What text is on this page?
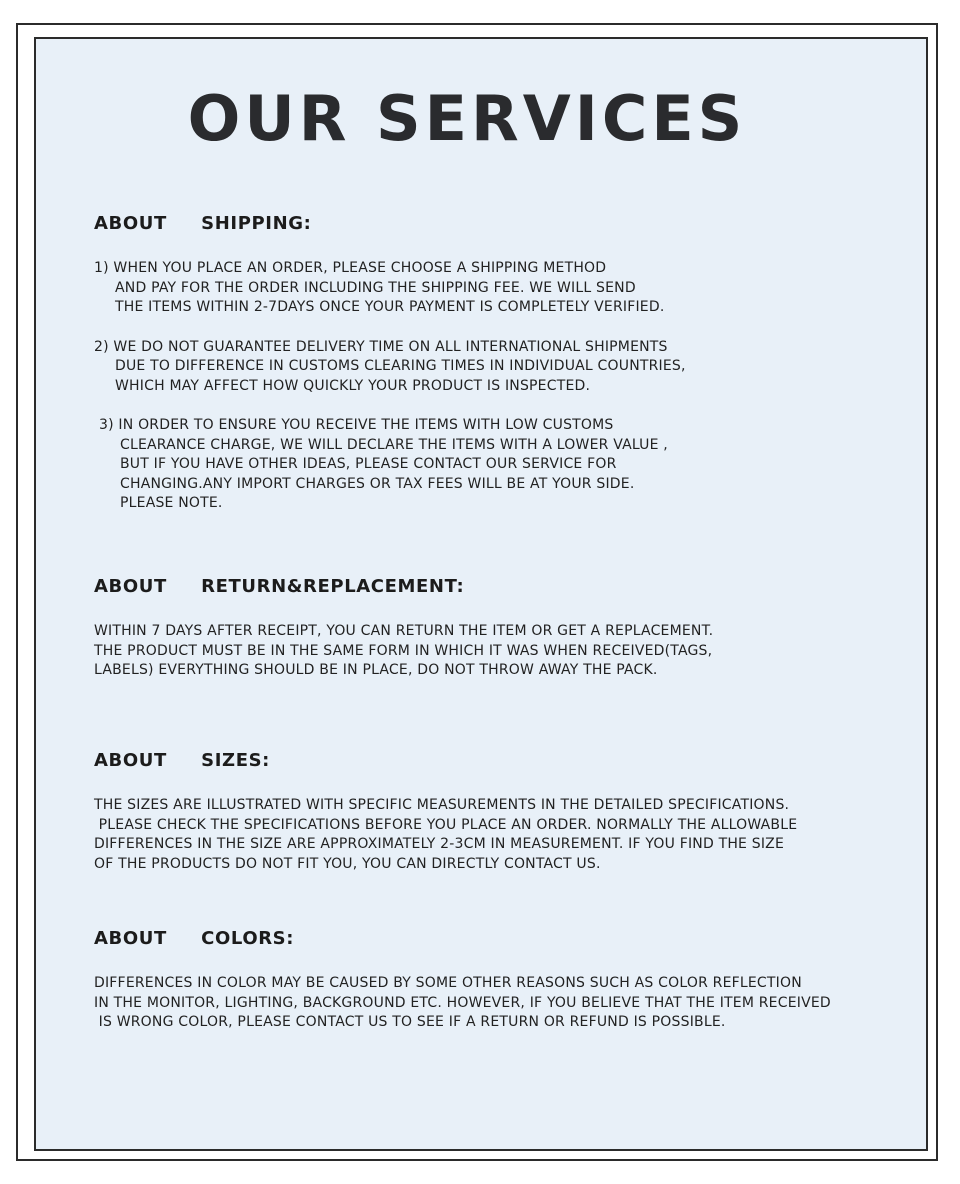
OUR SERVICES
ABOUT     SHIPPING:

1) WHEN YOU PLACE AN ORDER, PLEASE CHOOSE A SHIPPING METHOD

AND PAY FOR THE ORDER INCLUDING THE SHIPPING FEE. WE WILL SEND

THE ITEMS WITHIN 2-7DAYS ONCE YOUR PAYMENT IS COMPLETELY VERIFIED.

2) WE DO NOT GUARANTEE DELIVERY TIME ON ALL INTERNATIONAL SHIPMENTS

DUE TO DIFFERENCE IN CUSTOMS CLEARING TIMES IN INDIVIDUAL COUNTRIES,

WHICH MAY AFFECT HOW QUICKLY YOUR PRODUCT IS INSPECTED.

3) IN ORDER TO ENSURE YOU RECEIVE THE ITEMS WITH LOW CUSTOMS

CLEARANCE CHARGE, WE WILL DECLARE THE ITEMS WITH A LOWER VALUE ,

BUT IF YOU HAVE OTHER IDEAS, PLEASE CONTACT OUR SERVICE FOR

CHANGING.ANY IMPORT CHARGES OR TAX FEES WILL BE AT YOUR SIDE.

PLEASE NOTE.

ABOUT     RETURN&REPLACEMENT:

WITHIN 7 DAYS AFTER RECEIPT, YOU CAN RETURN THE ITEM OR GET A REPLACEMENT.

THE PRODUCT MUST BE IN THE SAME FORM IN WHICH IT WAS WHEN RECEIVED(TAGS,

LABELS) EVERYTHING SHOULD BE IN PLACE, DO NOT THROW AWAY THE PACK.

ABOUT     SIZES:

THE SIZES ARE ILLUSTRATED WITH SPECIFIC MEASUREMENTS IN THE DETAILED SPECIFICATIONS.

PLEASE CHECK THE SPECIFICATIONS BEFORE YOU PLACE AN ORDER. NORMALLY THE ALLOWABLE

DIFFERENCES IN THE SIZE ARE APPROXIMATELY 2-3CM IN MEASUREMENT. IF YOU FIND THE SIZE

OF THE PRODUCTS DO NOT FIT YOU, YOU CAN DIRECTLY CONTACT US.

ABOUT     COLORS:

DIFFERENCES IN COLOR MAY BE CAUSED BY SOME OTHER REASONS SUCH AS COLOR REFLECTION

IN THE MONITOR, LIGHTING, BACKGROUND ETC. HOWEVER, IF YOU BELIEVE THAT THE ITEM RECEIVED

IS WRONG COLOR, PLEASE CONTACT US TO SEE IF A RETURN OR REFUND IS POSSIBLE.
